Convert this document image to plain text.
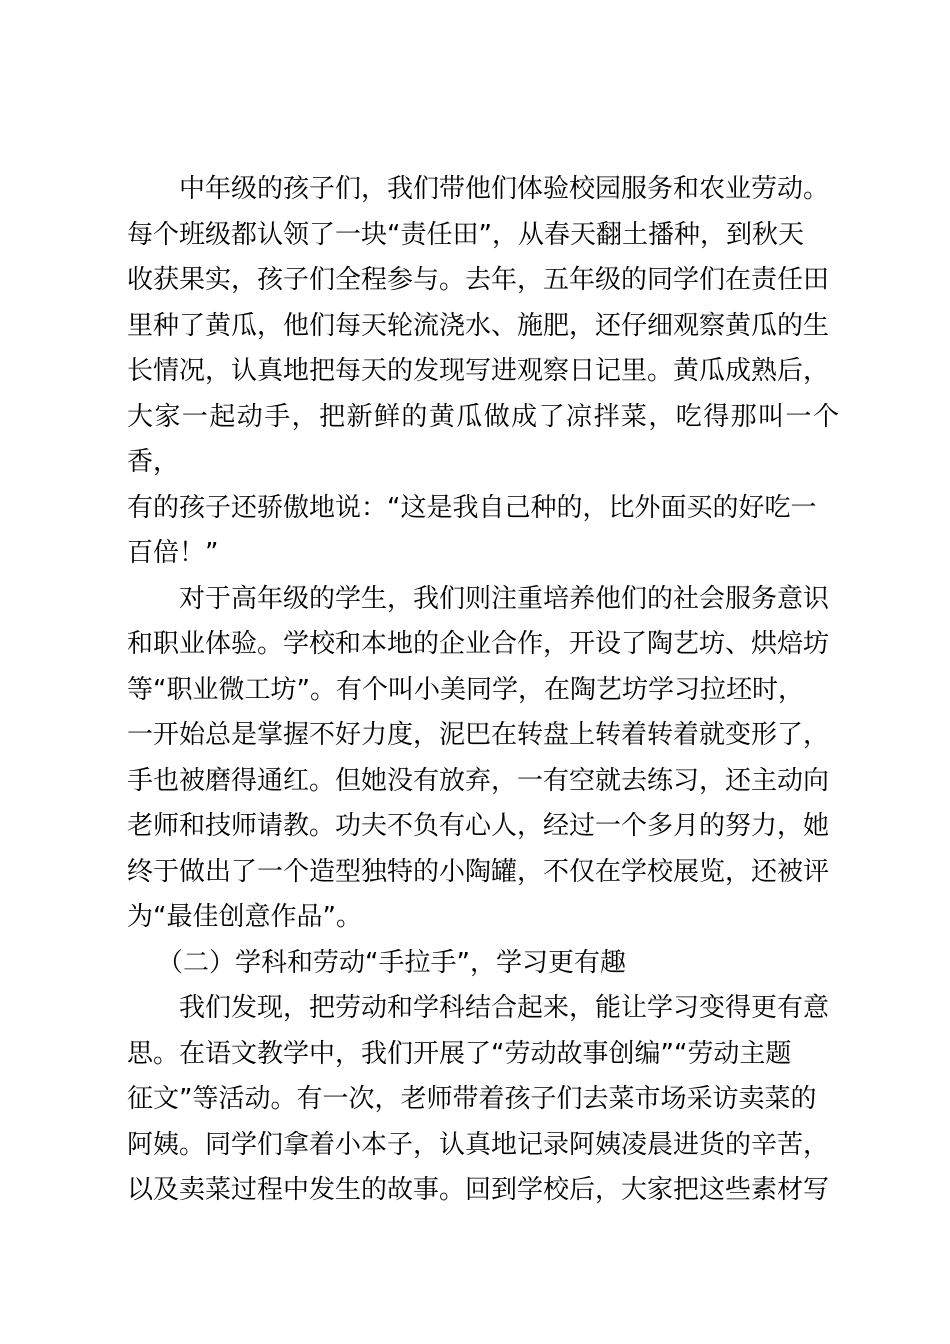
中年级的孩子们，我们带他们体验校园服务和农业劳动。
每个班级都认领了一块“责任田”，从春天翻土播种，到秋天
收获果实，孩子们全程参与。去年，五年级的同学们在责任田
里种了黄瓜，他们每天轮流浇水、施肥，还仔细观察黄瓜的生
长情况，认真地把每天的发现写进观察日记里。黄瓜成熟后，
大家一起动手，把新鲜的黄瓜做成了凉拌菜，吃得那叫一个香，
有的孩子还骄傲地说：“这是我自己种的，比外面买的好吃一
百倍！”

对于高年级的学生，我们则注重培养他们的社会服务意识
和职业体验。学校和本地的企业合作，开设了陶艺坊、烘焙坊
等“职业微工坊”。有个叫小美同学，在陶艺坊学习拉坯时，
一开始总是掌握不好力度，泥巴在转盘上转着转着就变形了，
手也被磨得通红。但她没有放弃，一有空就去练习，还主动向
老师和技师请教。功夫不负有心人，经过一个多月的努力，她
终于做出了一个造型独特的小陶罐，不仅在学校展览，还被评
为“最佳创意作品”。

（二）学科和劳动“手拉手”，学习更有趣

我们发现，把劳动和学科结合起来，能让学习变得更有意
思。在语文教学中，我们开展了“劳动故事创编”“劳动主题
征文”等活动。有一次，老师带着孩子们去菜市场采访卖菜的
阿姨。同学们拿着小本子，认真地记录阿姨凌晨进货的辛苦，
以及卖菜过程中发生的故事。回到学校后，大家把这些素材写
